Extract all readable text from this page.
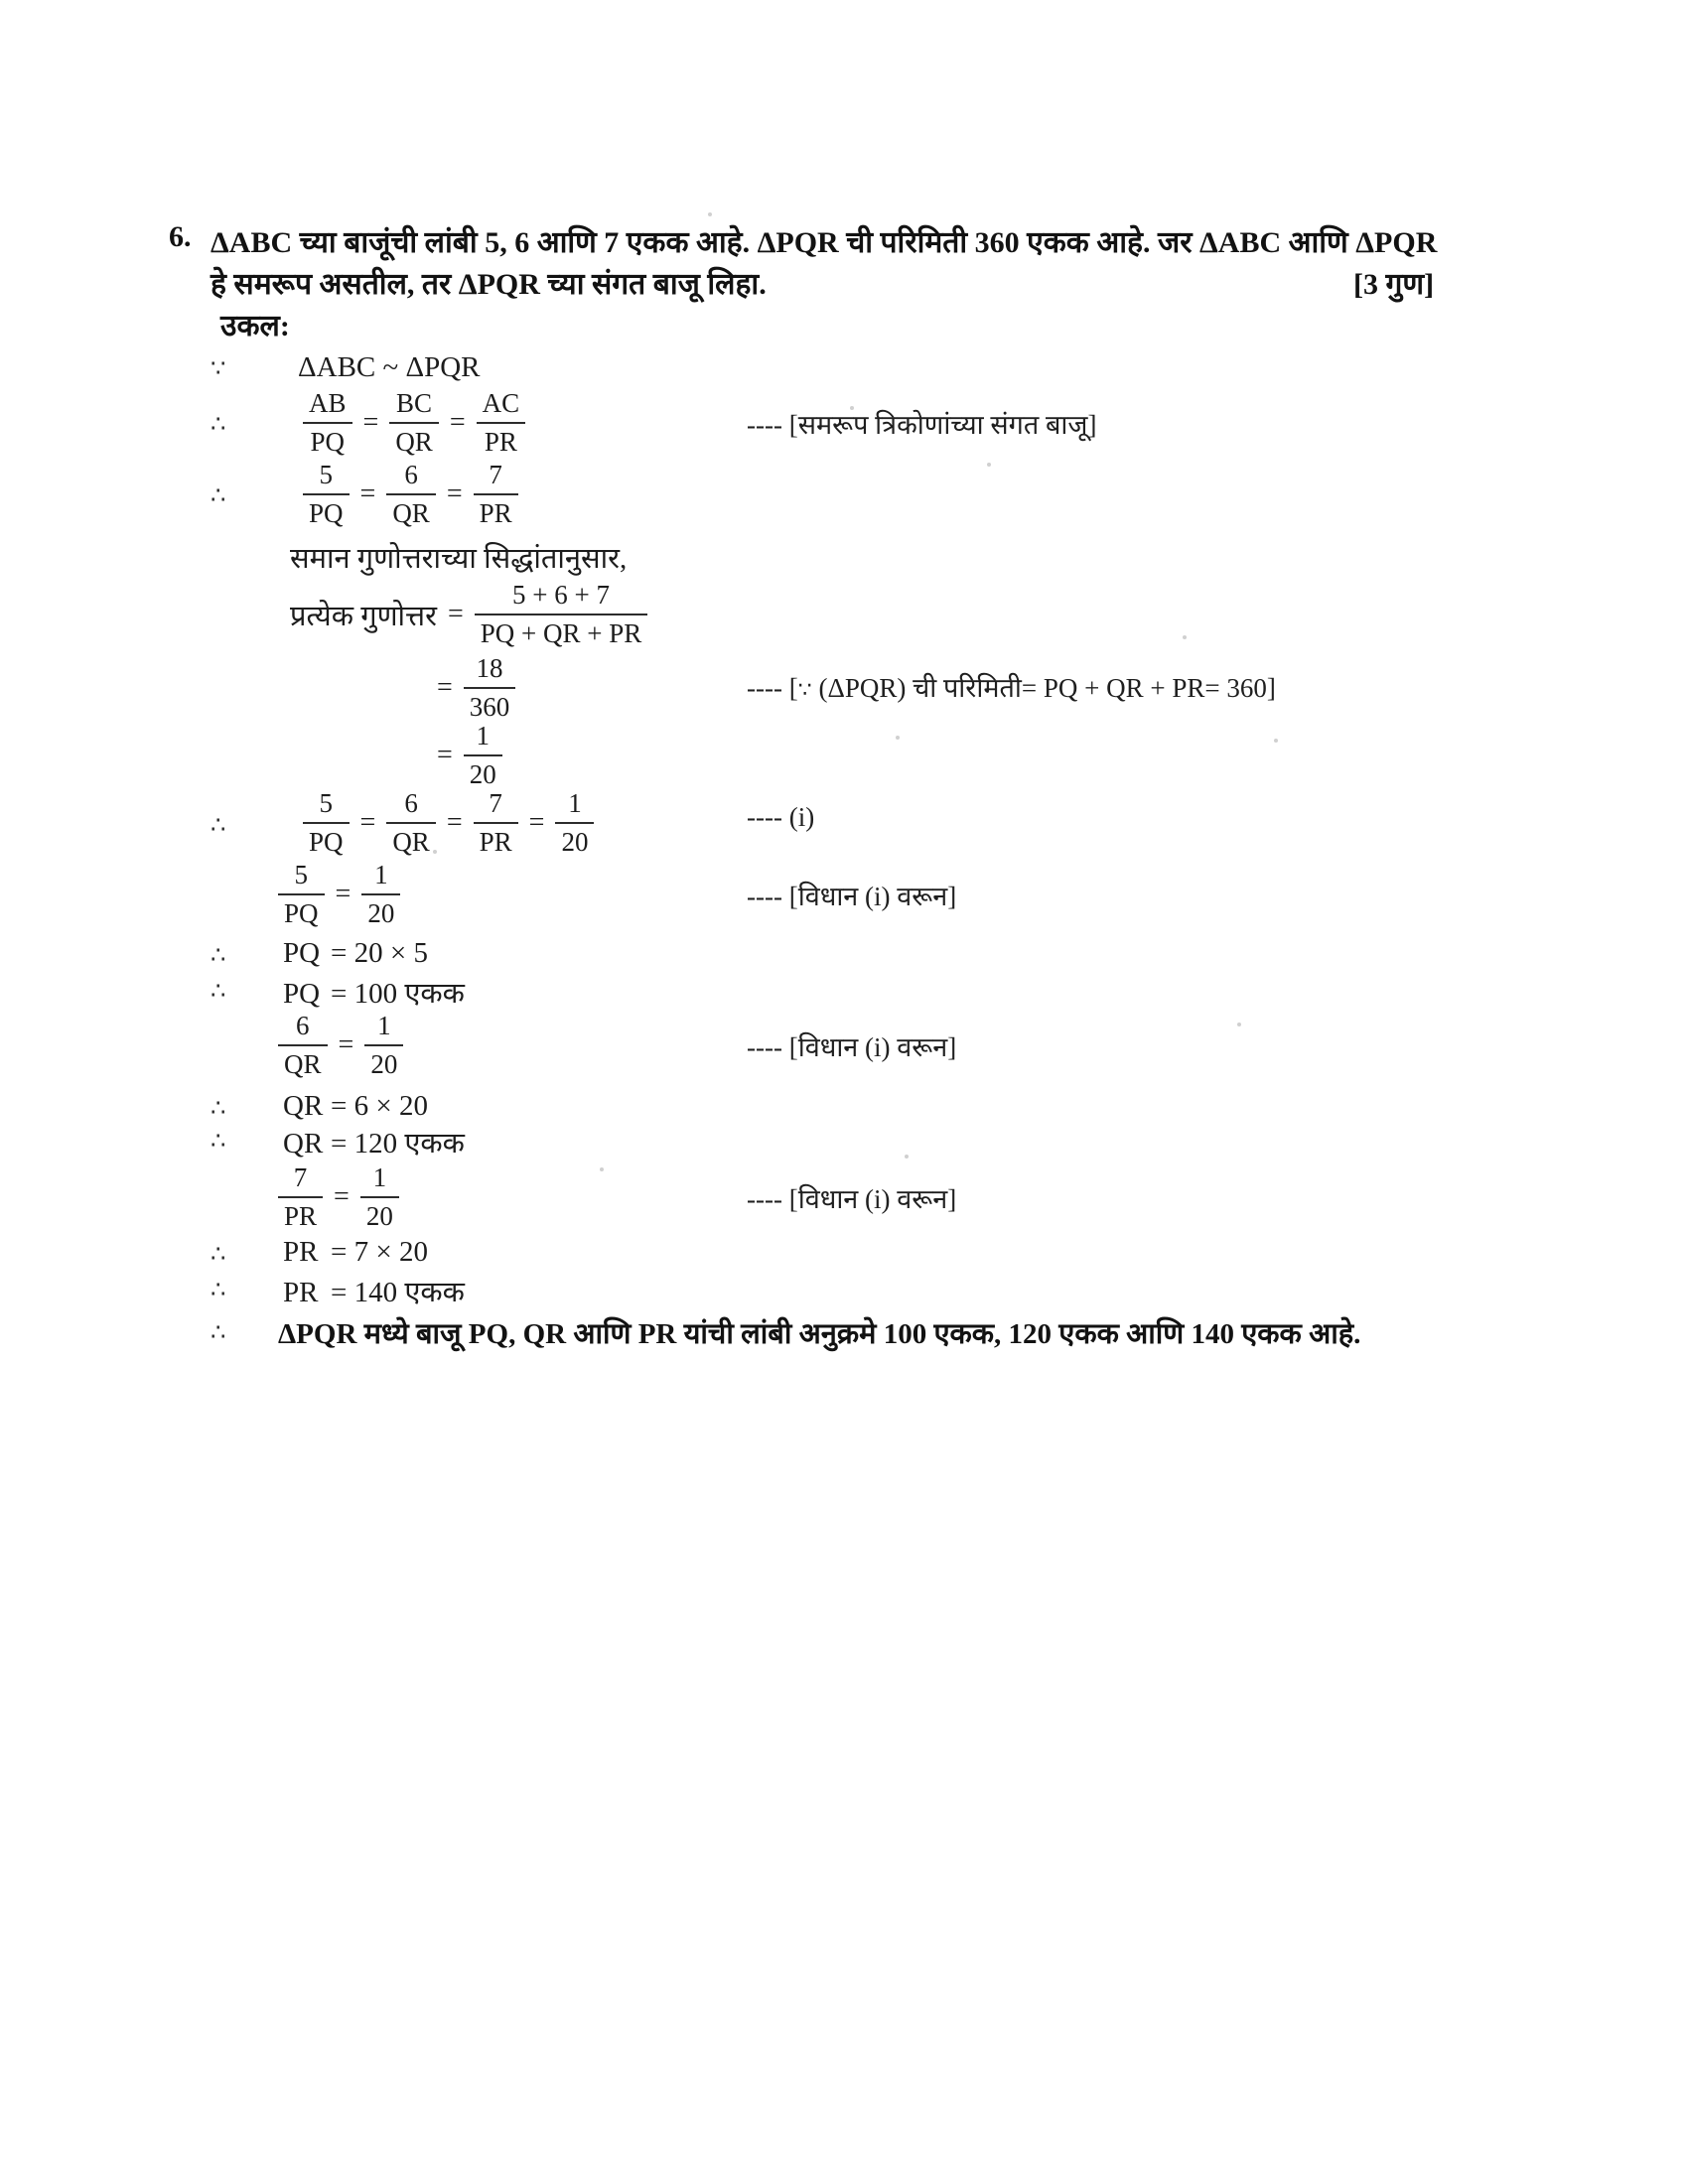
6. ΔABC च्या बाजूंची लांबी 5, 6 आणि 7 एकक आहे. ΔPQR ची परिमिती 360 एकक आहे. जर ΔABC आणि ΔPQR
हे समरूप असतील, तर ΔPQR च्या संगत बाजू लिहा.	[3 गुण]
उकल:
∵	ΔABC ~ ΔPQR
∴	$\frac{AB}{PQ} = \frac{BC}{QR} = \frac{AC}{PR}$	---- [समरूप त्रिकोणांच्या संगत बाजू]
∴	$\frac{5}{PQ} = \frac{6}{QR} = \frac{7}{PR}$
समान गुणोत्तराच्या सिद्धांतानुसार,
प्रत्येक गुणोत्तर = $\frac{5 + 6 + 7}{PQ + QR + PR}$
= $\frac{18}{360}$	---- [∵ (ΔPQR) ची परिमिती= PQ + QR + PR= 360]
= $\frac{1}{20}$
∴	$\frac{5}{PQ} = \frac{6}{QR} = \frac{7}{PR} = \frac{1}{20}$	---- (i)
$\frac{5}{PQ} = \frac{1}{20}$	---- [विधान (i) वरून]
∴ PQ = 20 × 5
∴ PQ = 100 एकक
$\frac{6}{QR} = \frac{1}{20}$	---- [विधान (i) वरून]
∴ QR = 6 × 20
∴ QR = 120 एकक
$\frac{7}{PR} = \frac{1}{20}$	---- [विधान (i) वरून]
∴ PR = 7 × 20
∴ PR = 140 एकक
∴ ΔPQR मध्ये बाजू PQ, QR आणि PR यांची लांबी अनुक्रमे 100 एकक, 120 एकक आणि 140 एकक आहे.
